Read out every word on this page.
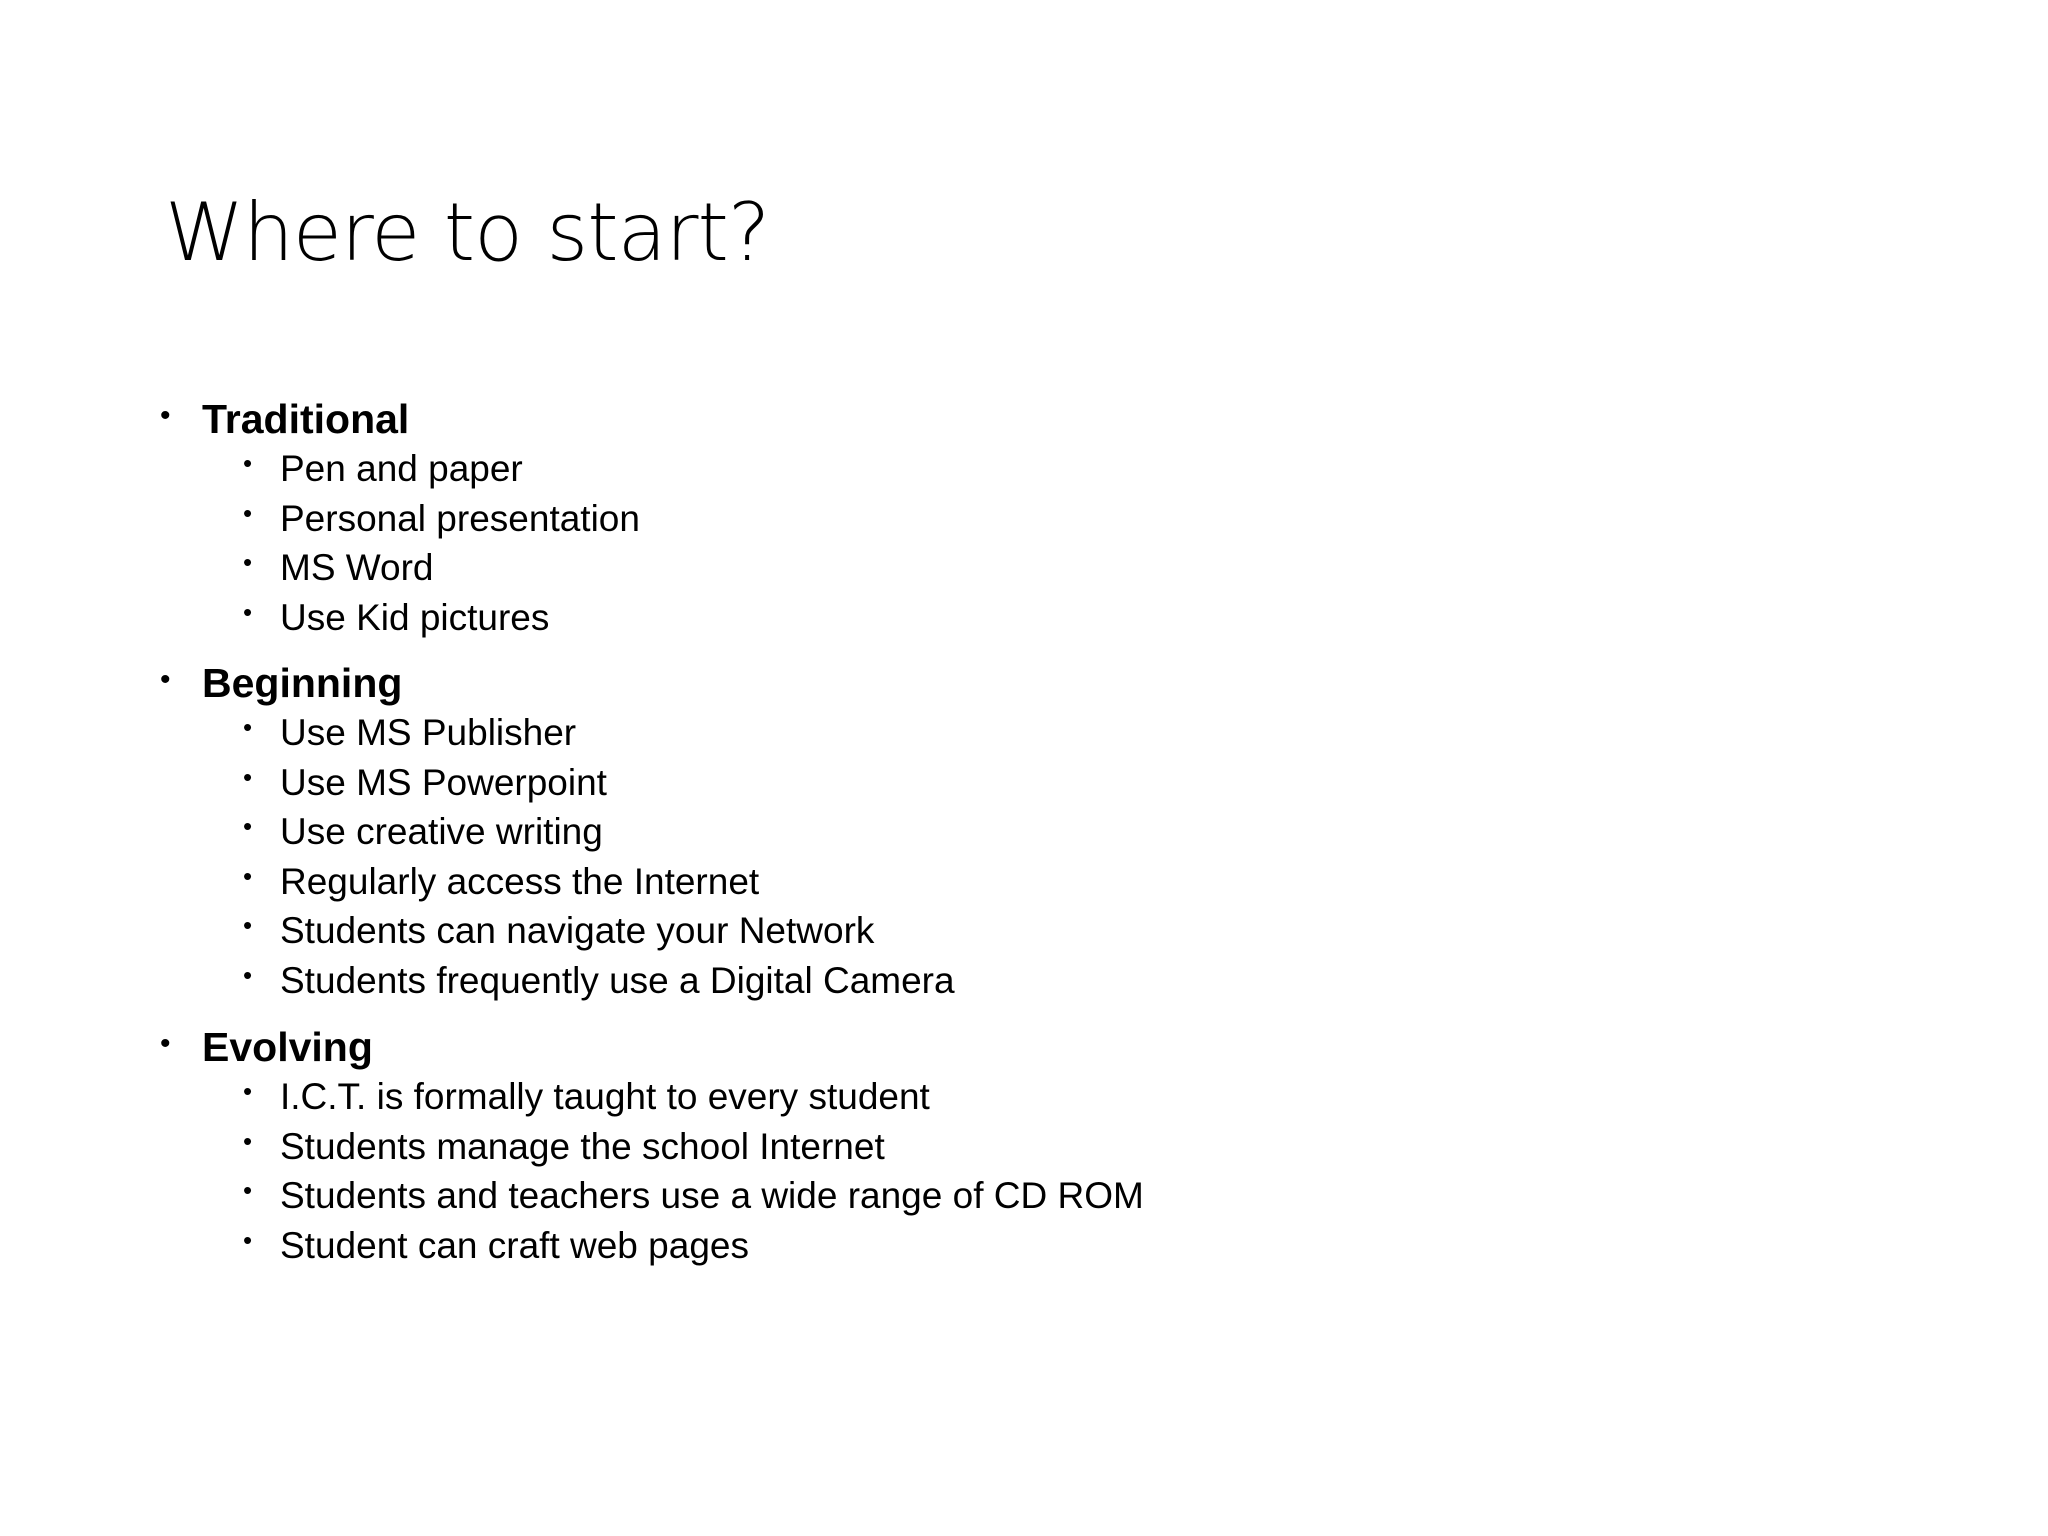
Where to start?
• Traditional
• Pen and paper
• Personal presentation
• MS Word
• Use Kid pictures
• Beginning
• Use MS Publisher
• Use MS Powerpoint
• Use creative writing
• Regularly access the Internet
• Students can navigate your Network
• Students frequently use a Digital Camera
• Evolving
• I.C.T. is formally taught to every student
• Students manage the school Internet
• Students and teachers use a wide range of CD ROM
• Student can craft web pages
